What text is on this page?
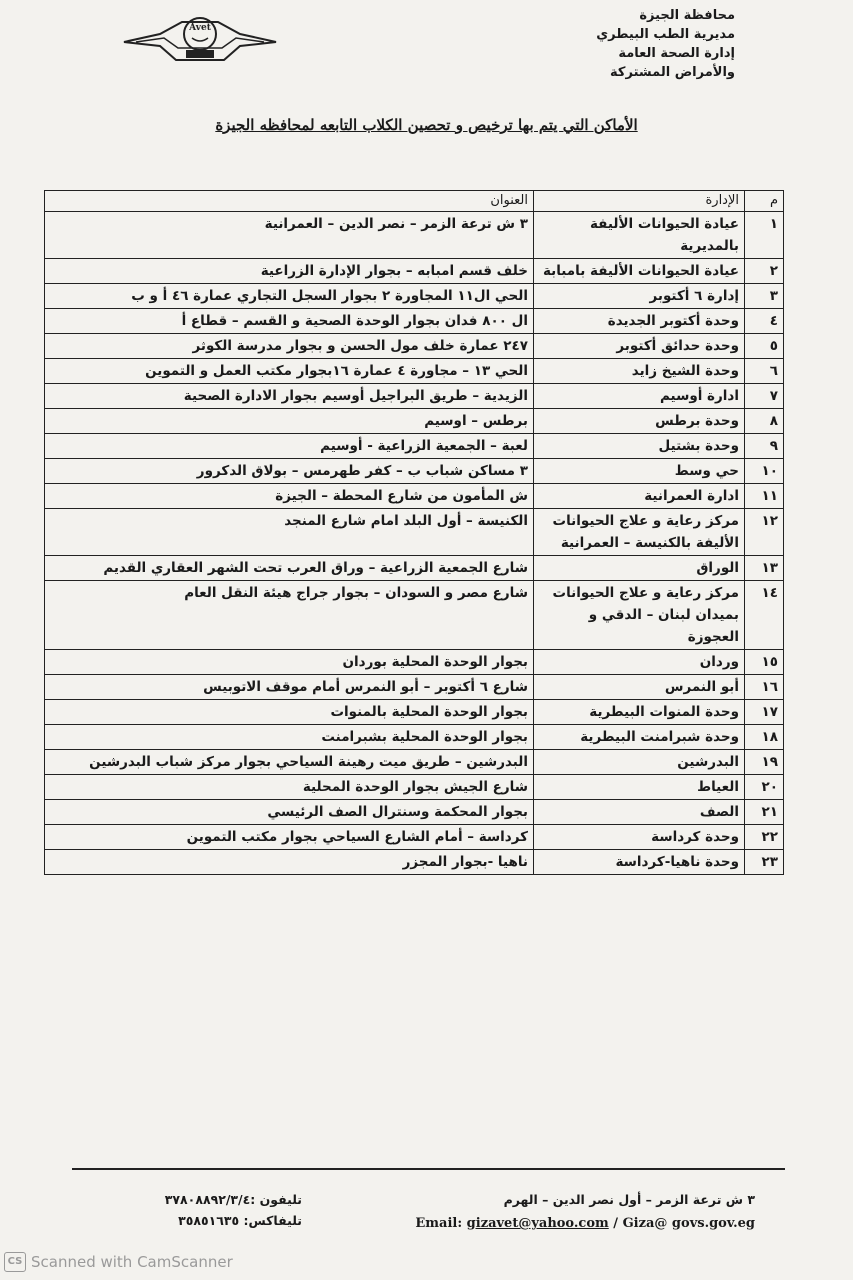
محافظة الجيزة
مديرية الطب البيطري
إدارة الصحة العامة
والأمراض المشتركة
Avet
الأماكن التي يتم بها ترخيص و تحصين الكلاب التابعه لمحافظه الجيزة
م	الإدارة	العنوان
١	عيادة الحيوانات الأليفة بالمديرية	٣ ش ترعة الزمر – نصر الدين – العمرانية
٢	عيادة الحيوانات الأليفة بامبابة	خلف قسم امبابه – بجوار الإدارة الزراعية
٣	إدارة ٦ أكتوبر	الحي ال١١ المجاورة ٢ بجوار السجل التجاري عمارة ٤٦ أ و ب
٤	وحدة أكتوبر الجديدة	ال ٨٠٠ فدان بجوار الوحدة الصحية و القسم – قطاع أ
٥	وحدة حدائق أكتوبر	٢٤٧ عمارة خلف مول الحسن و بجوار مدرسة الكوثر
٦	وحدة الشيخ زايد	الحي ١٣ – مجاورة ٤ عمارة ١٦بجوار مكتب العمل و التموين
٧	ادارة أوسيم	الزيدية – طريق البراجيل أوسيم بجوار الادارة الصحية
٨	وحدة برطس	برطس – اوسيم
٩	وحدة بشتيل	لعبة – الجمعية الزراعية - أوسيم
١٠	حي وسط	٣ مساكن شباب ب – كفر طهرمس – بولاق الدكرور
١١	ادارة العمرانية	ش المأمون من شارع المحطة – الجيزة
١٢	مركز رعاية و علاج الحيوانات الأليفة بالكنيسة – العمرانية	الكنيسة – أول البلد امام شارع المنجد
١٣	الوراق	شارع الجمعية الزراعية – وراق العرب تحت الشهر العقاري القديم
١٤	مركز رعاية و علاج الحيوانات بميدان لبنان – الدقي و العجوزة	شارع مصر و السودان – بجوار جراج هيئة النقل العام
١٥	وردان	بجوار الوحدة المحلية بوردان
١٦	أبو النمرس	شارع ٦ أكتوبر – أبو النمرس أمام موقف الاتوبيس
١٧	وحدة المنوات البيطرية	بجوار الوحدة المحلية بالمنوات
١٨	وحدة شبرامنت البيطرية	بجوار الوحدة المحلية بشبرامنت
١٩	البدرشين	البدرشين – طريق ميت رهينة السياحي بجوار مركز شباب البدرشين
٢٠	العياط	شارع الجيش بجوار الوحدة المحلية
٢١	الصف	بجوار المحكمة وسنترال الصف الرئيسي
٢٢	وحدة كرداسة	كرداسة – أمام الشارع السياحي بجوار مكتب التموين
٢٣	وحدة ناهيا-كرداسة	ناهيا -بجوار المجزر
٣ ش ترعة الزمر – أول نصر الدين – الهرم
Email: gizavet@yahoo.com / Giza@ govs.gov.eg
تليفون :٣٧٨٠٨٨٩٢/٣/٤
تليفاكس: ٣٥٨٥١٦٣٥
CS Scanned with CamScanner
